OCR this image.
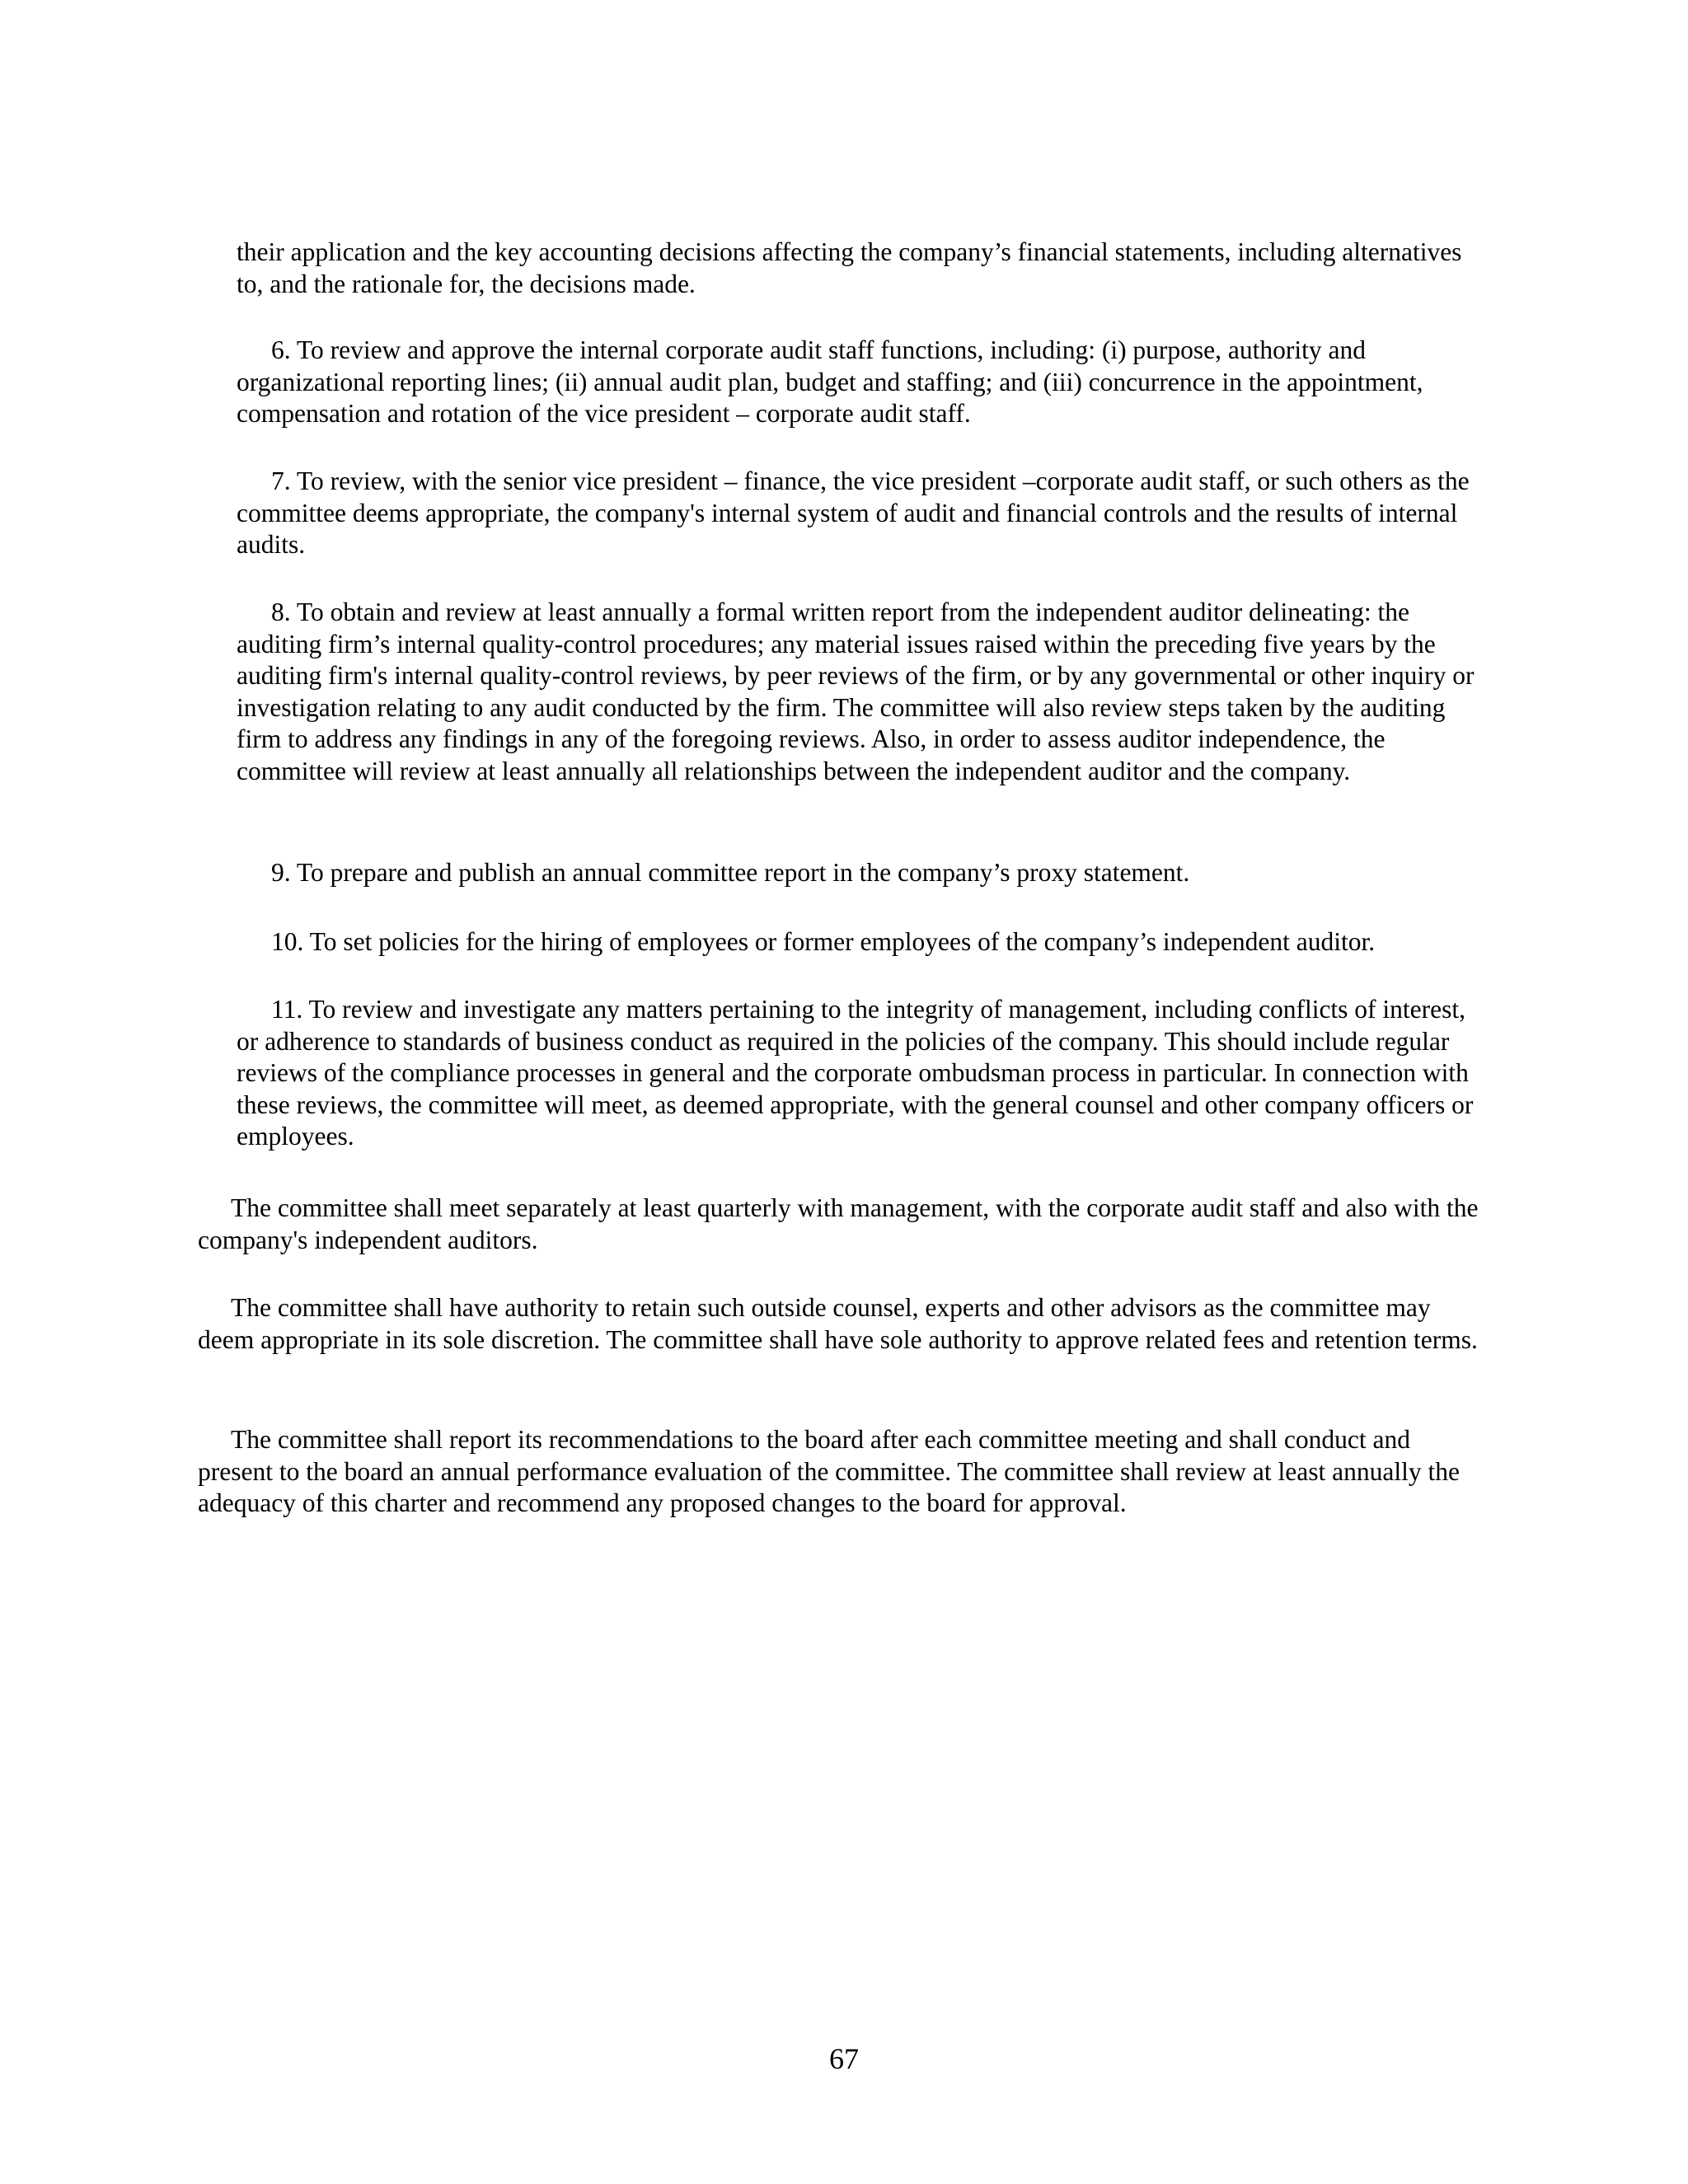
their application and the key accounting decisions affecting the company’s financial statements, including alternatives to, and the rationale for, the decisions made.

6. To review and approve the internal corporate audit staff functions, including: (i) purpose, authority and organizational reporting lines; (ii) annual audit plan, budget and staffing; and (iii) concurrence in the appointment, compensation and rotation of the vice president – corporate audit staff.

7. To review, with the senior vice president – finance, the vice president –corporate audit staff, or such others as the committee deems appropriate, the company's internal system of audit and financial controls and the results of internal audits.

8. To obtain and review at least annually a formal written report from the independent auditor delineating: the auditing firm’s internal quality-control procedures; any material issues raised within the preceding five years by the auditing firm's internal quality-control reviews, by peer reviews of the firm, or by any governmental or other inquiry or investigation relating to any audit conducted by the firm. The committee will also review steps taken by the auditing firm to address any findings in any of the foregoing reviews. Also, in order to assess auditor independence, the committee will review at least annually all relationships between the independent auditor and the company.

9. To prepare and publish an annual committee report in the company’s proxy statement.

10. To set policies for the hiring of employees or former employees of the company’s independent auditor.

11. To review and investigate any matters pertaining to the integrity of management, including conflicts of interest, or adherence to standards of business conduct as required in the policies of the company. This should include regular reviews of the compliance processes in general and the corporate ombudsman process in particular. In connection with these reviews, the committee will meet, as deemed appropriate, with the general counsel and other company officers or employees.

The committee shall meet separately at least quarterly with management, with the corporate audit staff and also with the company's independent auditors.

The committee shall have authority to retain such outside counsel, experts and other advisors as the committee may deem appropriate in its sole discretion. The committee shall have sole authority to approve related fees and retention terms.

The committee shall report its recommendations to the board after each committee meeting and shall conduct and present to the board an annual performance evaluation of the committee. The committee shall review at least annually the adequacy of this charter and recommend any proposed changes to the board for approval.

67
